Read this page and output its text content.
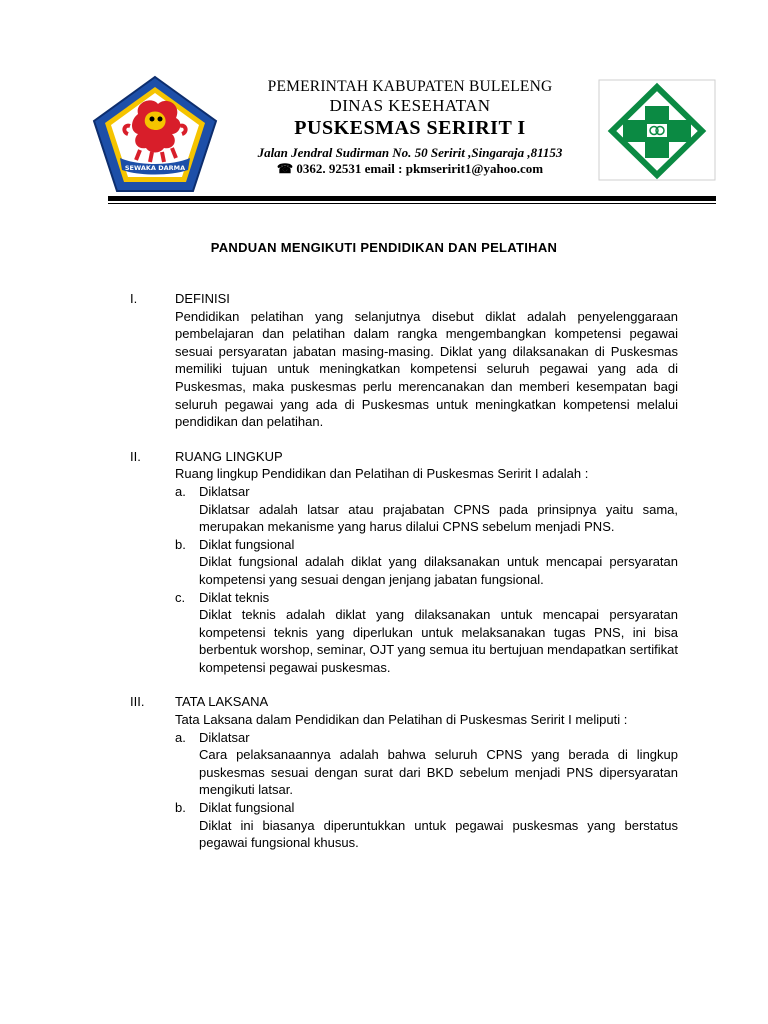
SEWAKA DARMA
PEMERINTAH KABUPATEN BULELENG
DINAS KESEHATAN
PUSKESMAS SERIRIT I
Jalan Jendral Sudirman No. 50 Seririt ,Singaraja ,81153
☎ 0362. 92531 email : pkmseririt1@yahoo.com
PANDUAN MENGIKUTI PENDIDIKAN DAN PELATIHAN
I.	DEFINISI
Pendidikan pelatihan yang selanjutnya disebut diklat adalah penyelenggaraan pembelajaran dan pelatihan dalam rangka mengembangkan kompetensi pegawai sesuai persyaratan jabatan masing-masing. Diklat yang dilaksanakan di Puskesmas memiliki tujuan untuk meningkatkan kompetensi seluruh pegawai yang ada di Puskesmas, maka puskesmas perlu merencanakan dan memberi kesempatan bagi seluruh pegawai yang ada di Puskesmas untuk meningkatkan kompetensi melalui pendidikan dan pelatihan.
II.	RUANG LINGKUP
Ruang lingkup Pendidikan dan Pelatihan di Puskesmas Seririt I adalah :
a. Diklatsar
Diklatsar adalah latsar atau prajabatan CPNS pada prinsipnya yaitu sama, merupakan mekanisme yang harus dilalui CPNS sebelum menjadi PNS.
b. Diklat fungsional
Diklat fungsional adalah diklat yang dilaksanakan untuk mencapai persyaratan kompetensi yang sesuai dengan jenjang jabatan fungsional.
c. Diklat teknis
Diklat teknis adalah diklat yang dilaksanakan untuk mencapai persyaratan kompetensi teknis yang diperlukan untuk melaksanakan tugas PNS, ini bisa berbentuk worshop, seminar, OJT yang semua itu bertujuan mendapatkan sertifikat kompetensi pegawai puskesmas.
III. TATA LAKSANA
Tata Laksana dalam Pendidikan dan Pelatihan di Puskesmas Seririt I meliputi :
a. Diklatsar
Cara pelaksanaannya adalah bahwa seluruh CPNS yang berada di lingkup puskesmas sesuai dengan surat dari BKD sebelum menjadi PNS dipersyaratan mengikuti latsar.
b. Diklat fungsional
Diklat ini biasanya diperuntukkan untuk pegawai puskesmas yang berstatus pegawai fungsional khusus.
